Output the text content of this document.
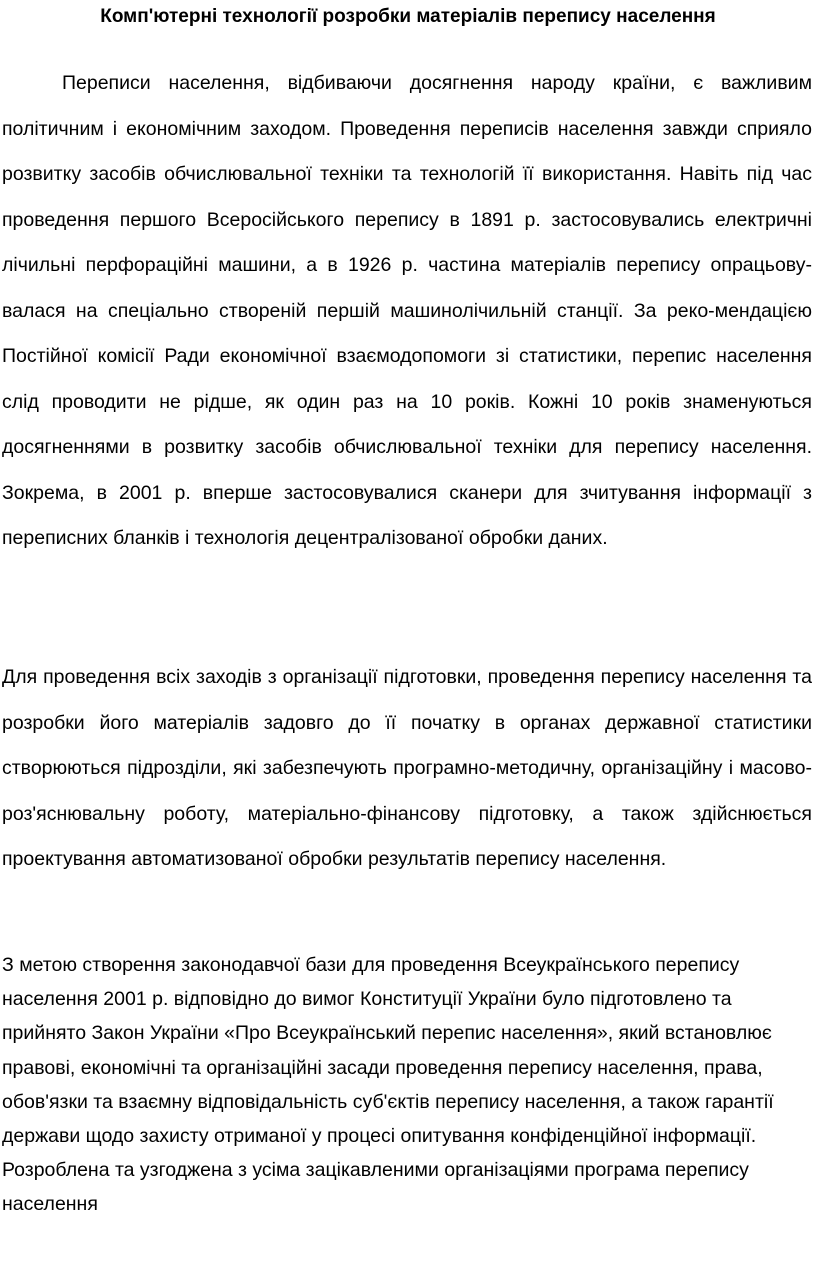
Комп'ютерні технології розробки матеріалів перепису населення

Переписи населення, відбиваючи досягнення народу країни, є важливим політичним і економічним заходом. Проведення переписів населення завжди сприяло розвитку засобів обчислювальної техніки та технологій її використання. Навіть під час проведення першого Всеросійського перепису в 1891 р. застосовувались електричні лічильні перфораційні машини, а в 1926 р. частина матеріалів перепису опрацьову-валася на спеціально створеній першій машинолічильній станції. За реко-мендацією Постійної комісії Ради економічної взаємодопомоги зі статистики, перепис населення слід проводити не рідше, як один раз на 10 років. Кожні 10 років знаменуються досягненнями в розвитку засобів обчислювальної техніки для перепису населення. Зокрема, в 2001 р. вперше застосовувалися сканери для зчитування інформації з переписних бланків і технологія децентралізованої обробки даних.

Для проведення всіх заходів з організації підготовки, проведення перепису населення та розробки його матеріалів задовго до її початку в органах державної статистики створюються підрозділи, які забезпечують програмно-методичну, організаційну і масово-роз'яснювальну роботу, матеріально-фінансову підготовку, а також здійснюється проектування автоматизованої обробки результатів перепису населення.

З метою створення законодавчої бази для проведення Всеукраїнського перепису населення 2001 р. відповідно до вимог Конституції України було підготовлено та прийнято Закон України «Про Всеукраїнський перепис населення», який встановлює правові, економічні та організаційні засади проведення перепису населення, права, обов'язки та взаємну відповідальність суб'єктів перепису населення, а також гарантії держави щодо захисту отриманої у процесі опитування конфіденційної інформації. Розроблена та узгоджена з усіма зацікавленими організаціями програма перепису населення
